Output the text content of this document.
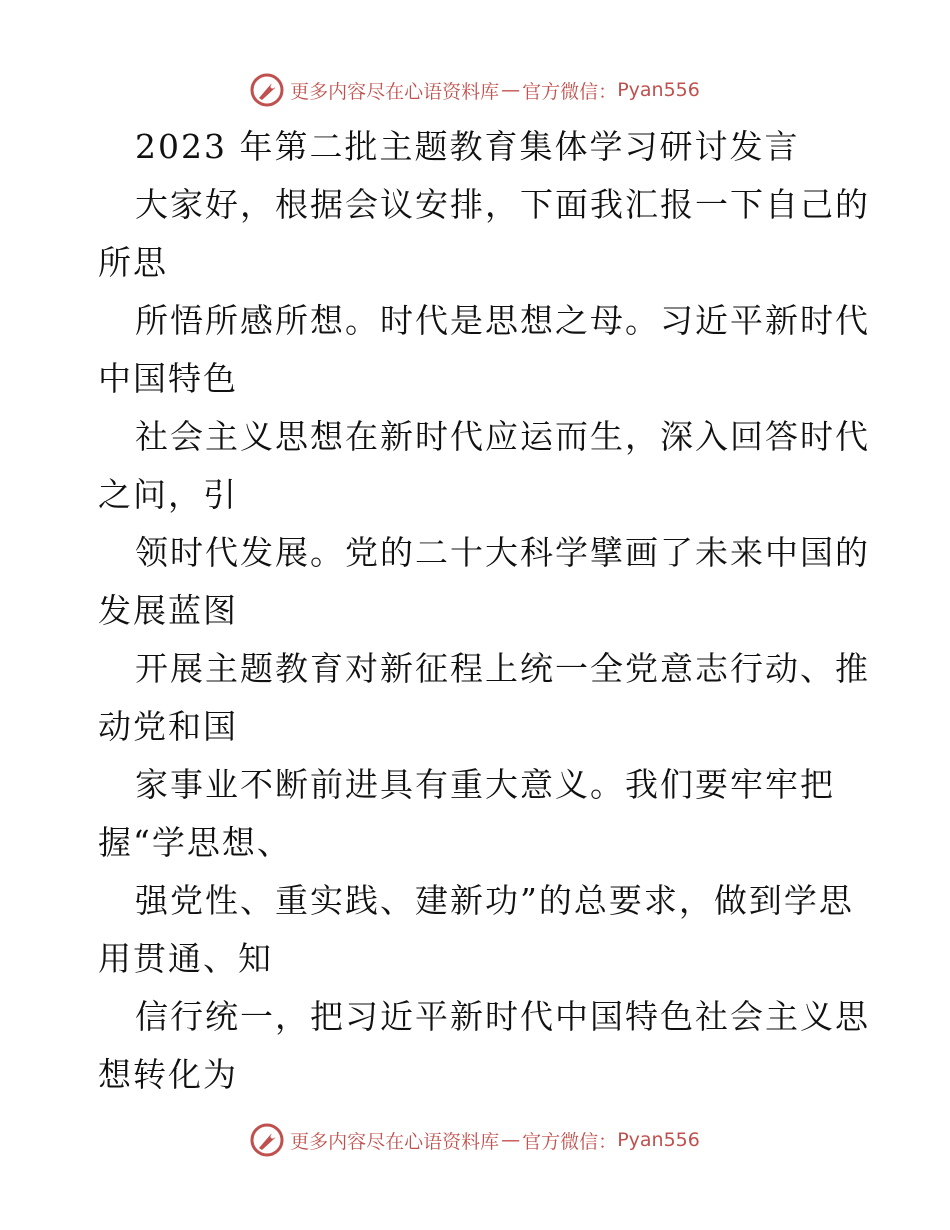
更多内容尽在心语资料库 — 官方微信： Pyan556
2023 年第二批主题教育集体学习研讨发言
大家好，根据会议安排，下面我汇报一下自己的
所思
所悟所感所想。时代是思想之母。习近平新时代
中国特色
社会主义思想在新时代应运而生，深入回答时代
之问，引
领时代发展。党的二十大科学擘画了未来中国的
发展蓝图
开展主题教育对新征程上统一全党意志行动、推
动党和国
家事业不断前进具有重大意义。我们要牢牢把
握“学思想、
强党性、重实践、建新功”的总要求，做到学思
用贯通、知
信行统一，把习近平新时代中国特色社会主义思
想转化为
更多内容尽在心语资料库 — 官方微信： Pyan556
